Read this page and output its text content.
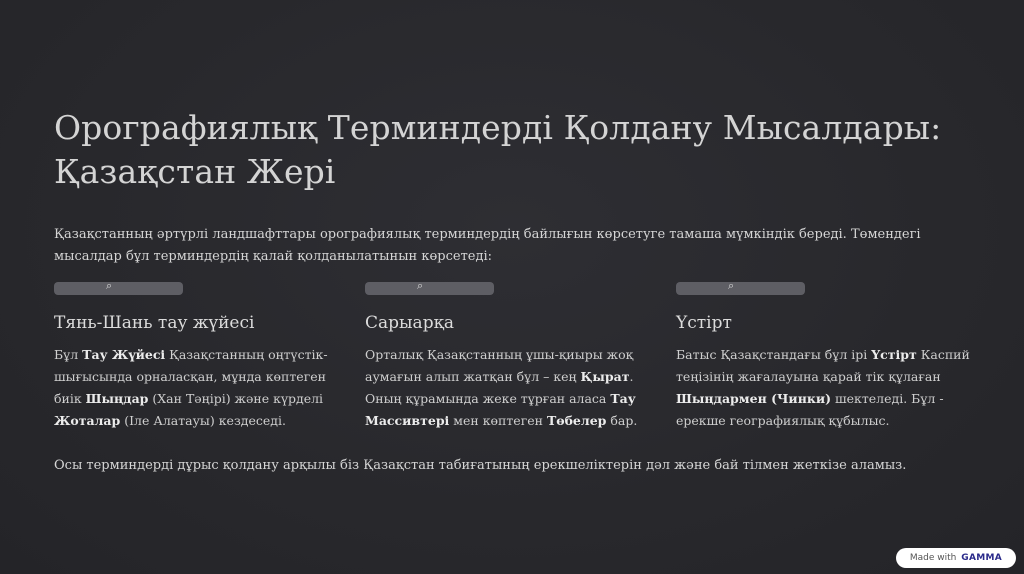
Орографиялық Терминдерді Қолдану Мысалдары:
Қазақстан Жері

Қазақстанның әртүрлі ландшафттары орографиялық терминдердің байлығын көрсетуге тамаша мүмкіндік береді. Төмендегі мысалдар бұл терминдердің қалай қолданылатынын көрсетеді:

⌕
Тянь-Шань тау жүйесі

Бұл Тау Жүйесі Қазақстанның оңтүстік-шығысында орналасқан, мұнда көптеген биік Шыңдар (Хан Тәңірі) және күрделі Жоталар (Іле Алатауы) кездеседі.

⌕
Сарыарқа

Орталық Қазақстанның ұшы-қиыры жоқ аумағын алып жатқан бұл – кең Қырат. Оның құрамында жеке тұрған аласа Тау Массивтері мен көптеген Төбелер бар.

⌕
Үстірт

Батыс Қазақстандағы бұл ірі Үстірт Каспий теңізінің жағалауына қарай тік құлаған Шыңдармен (Чинки) шектеледі. Бұл - ерекше географиялық құбылыс.

Осы терминдерді дұрыс қолдану арқылы біз Қазақстан табиғатының ерекшеліктерін дәл және бай тілмен жеткізе аламыз.

Made with GAMMA
